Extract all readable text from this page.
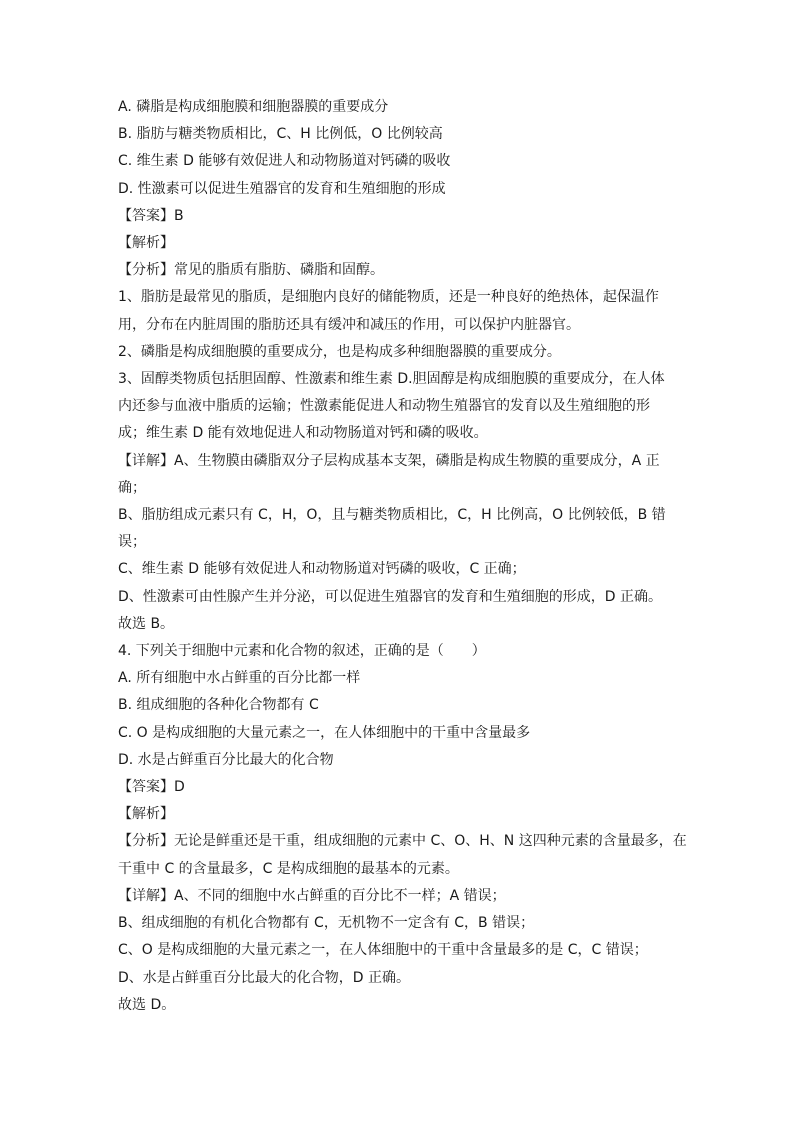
A. 磷脂是构成细胞膜和细胞器膜的重要成分
B. 脂肪与糖类物质相比，C、H 比例低，O 比例较高
C. 维生素 D 能够有效促进人和动物肠道对钙磷的吸收
D. 性激素可以促进生殖器官的发育和生殖细胞的形成
【答案】B
【解析】
【分析】常见的脂质有脂肪、磷脂和固醇。
1、脂肪是最常见的脂质，是细胞内良好的储能物质，还是一种良好的绝热体，起保温作
用，分布在内脏周围的脂肪还具有缓冲和减压的作用，可以保护内脏器官。
2、磷脂是构成细胞膜的重要成分，也是构成多种细胞器膜的重要成分。
3、固醇类物质包括胆固醇、性激素和维生素 D.胆固醇是构成细胞膜的重要成分，在人体
内还参与血液中脂质的运输；性激素能促进人和动物生殖器官的发育以及生殖细胞的形
成；维生素 D 能有效地促进人和动物肠道对钙和磷的吸收。
【详解】A、生物膜由磷脂双分子层构成基本支架，磷脂是构成生物膜的重要成分，A 正
确；
B、脂肪组成元素只有 C，H，O，且与糖类物质相比，C，H 比例高，O 比例较低，B 错
误；
C、维生素 D 能够有效促进人和动物肠道对钙磷的吸收，C 正确；
D、性激素可由性腺产生并分泌，可以促进生殖器官的发育和生殖细胞的形成，D 正确。
故选 B。
4. 下列关于细胞中元素和化合物的叙述，正确的是（　　）
A. 所有细胞中水占鲜重的百分比都一样
B. 组成细胞的各种化合物都有 C
C. O 是构成细胞的大量元素之一，在人体细胞中的干重中含量最多
D. 水是占鲜重百分比最大的化合物
【答案】D
【解析】
【分析】无论是鲜重还是干重，组成细胞的元素中 C、O、H、N 这四种元素的含量最多，在
干重中 C 的含量最多，C 是构成细胞的最基本的元素。
【详解】A、不同的细胞中水占鲜重的百分比不一样；A 错误；
B、组成细胞的有机化合物都有 C，无机物不一定含有 C，B 错误；
C、O 是构成细胞的大量元素之一，在人体细胞中的干重中含量最多的是 C，C 错误；
D、水是占鲜重百分比最大的化合物，D 正确。
故选 D。
